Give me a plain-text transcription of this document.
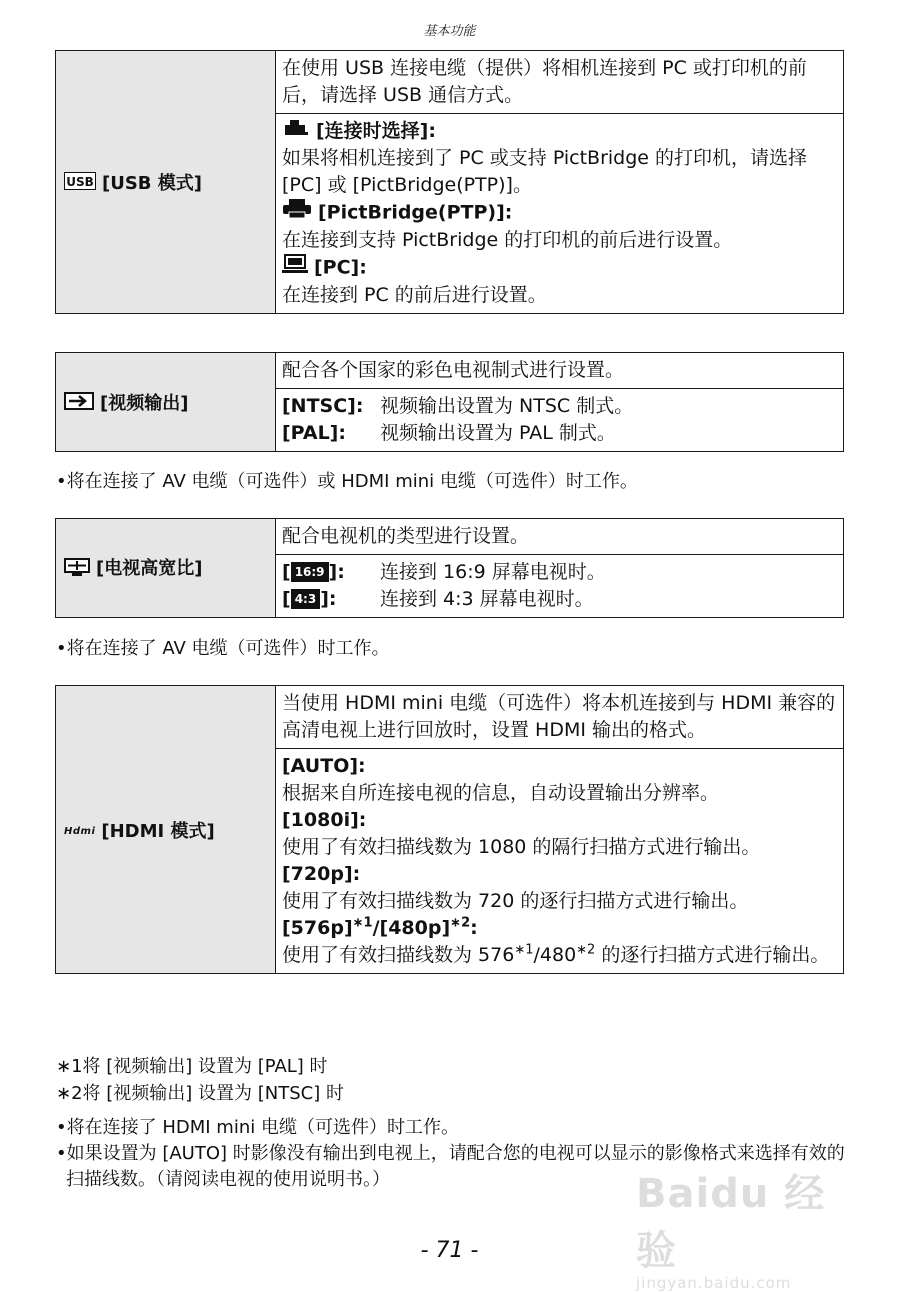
基本功能
USB [USB 模式]	在使用 USB 连接电缆（提供）将相机连接到 PC 或打印机的前后，请选择 USB 通信方式。

[连接时选择]:
如果将相机连接到了 PC 或支持 PictBridge 的打印机，请选择 [PC] 或 [PictBridge(PTP)]。
[PictBridge(PTP)]:
在连接到支持 PictBridge 的打印机的前后进行设置。
[PC]:
在连接到 PC 的前后进行设置。
[视频输出]	配合各个国家的彩色电视制式进行设置。

[NTSC]: 视频输出设置为 NTSC 制式。
[PAL]:	视频输出设置为 PAL 制式。
•将在连接了 AV 电缆（可选件）或 HDMI mini 电缆（可选件）时工作。
[电视高宽比]	配合电视机的类型进行设置。

[ 16:9 ]:	连接到 16:9 屏幕电视时。
[ 4:3 ]:	连接到 4:3 屏幕电视时。
•将在连接了 AV 电缆（可选件）时工作。
Hdmi [HDMI 模式]	当使用 HDMI mini 电缆（可选件）将本机连接到与 HDMI 兼容的高清电视上进行回放时，设置 HDMI 输出的格式。

[AUTO]:
根据来自所连接电视的信息，自动设置输出分辨率。
[1080i]:
使用了有效扫描线数为 1080 的隔行扫描方式进行输出。
[720p]:
使用了有效扫描线数为 720 的逐行扫描方式进行输出。
$[576p]^{∗1}/[480p]^{∗2}$:
使用了有效扫描线数为 $576^{∗1}/480^{∗2}$ 的逐行扫描方式进行输出。
∗1将 [视频输出] 设置为 [PAL] 时
∗2将 [视频输出] 设置为 [NTSC] 时
•将在连接了 HDMI mini 电缆（可选件）时工作。
•如果设置为 [AUTO] 时影像没有输出到电视上，请配合您的电视可以显示的影像格式来选择有效的扫描线数。（请阅读电视的使用说明书。）	Baidu 经验
jingyan.baidu.com
- 71 -
